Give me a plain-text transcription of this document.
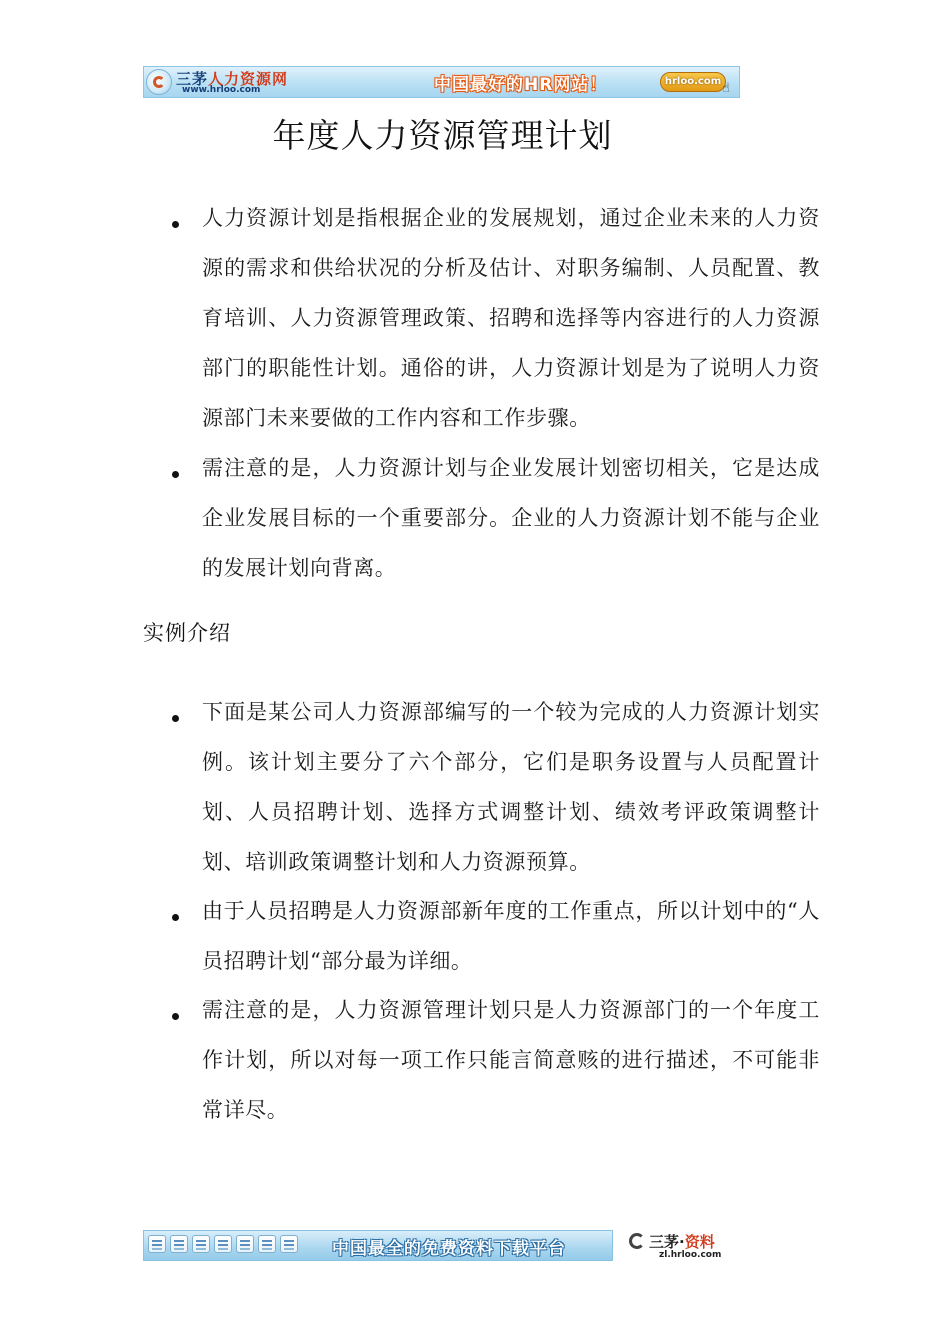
三茅人力资源网
www.hrloo.com	中国最好的HR网站！	hrloo.com ☝
年度人力资源管理计划
人力资源计划是指根据企业的发展规划，通过企业未来的人力资源的需求和供给状况的分析及估计、对职务编制、人员配置、教育培训、人力资源管理政策、招聘和选择等内容进行的人力资源部门的职能性计划。通俗的讲，人力资源计划是为了说明人力资源部门未来要做的工作内容和工作步骤。
需注意的是，人力资源计划与企业发展计划密切相关，它是达成企业发展目标的一个重要部分。企业的人力资源计划不能与企业的发展计划向背离。
实例介绍
下面是某公司人力资源部编写的一个较为完成的人力资源计划实例。该计划主要分了六个部分，它们是职务设置与人员配置计划、人员招聘计划、选择方式调整计划、绩效考评政策调整计划、培训政策调整计划和人力资源预算。
由于人员招聘是人力资源部新年度的工作重点，所以计划中的“人员招聘计划“部分最为详细。
需注意的是，人力资源管理计划只是人力资源部门的一个年度工作计划，所以对每一项工作只能言简意赅的进行描述，不可能非常详尽。
中国最全的免费资料下载平台	三茅·资料
zl.hrloo.com
